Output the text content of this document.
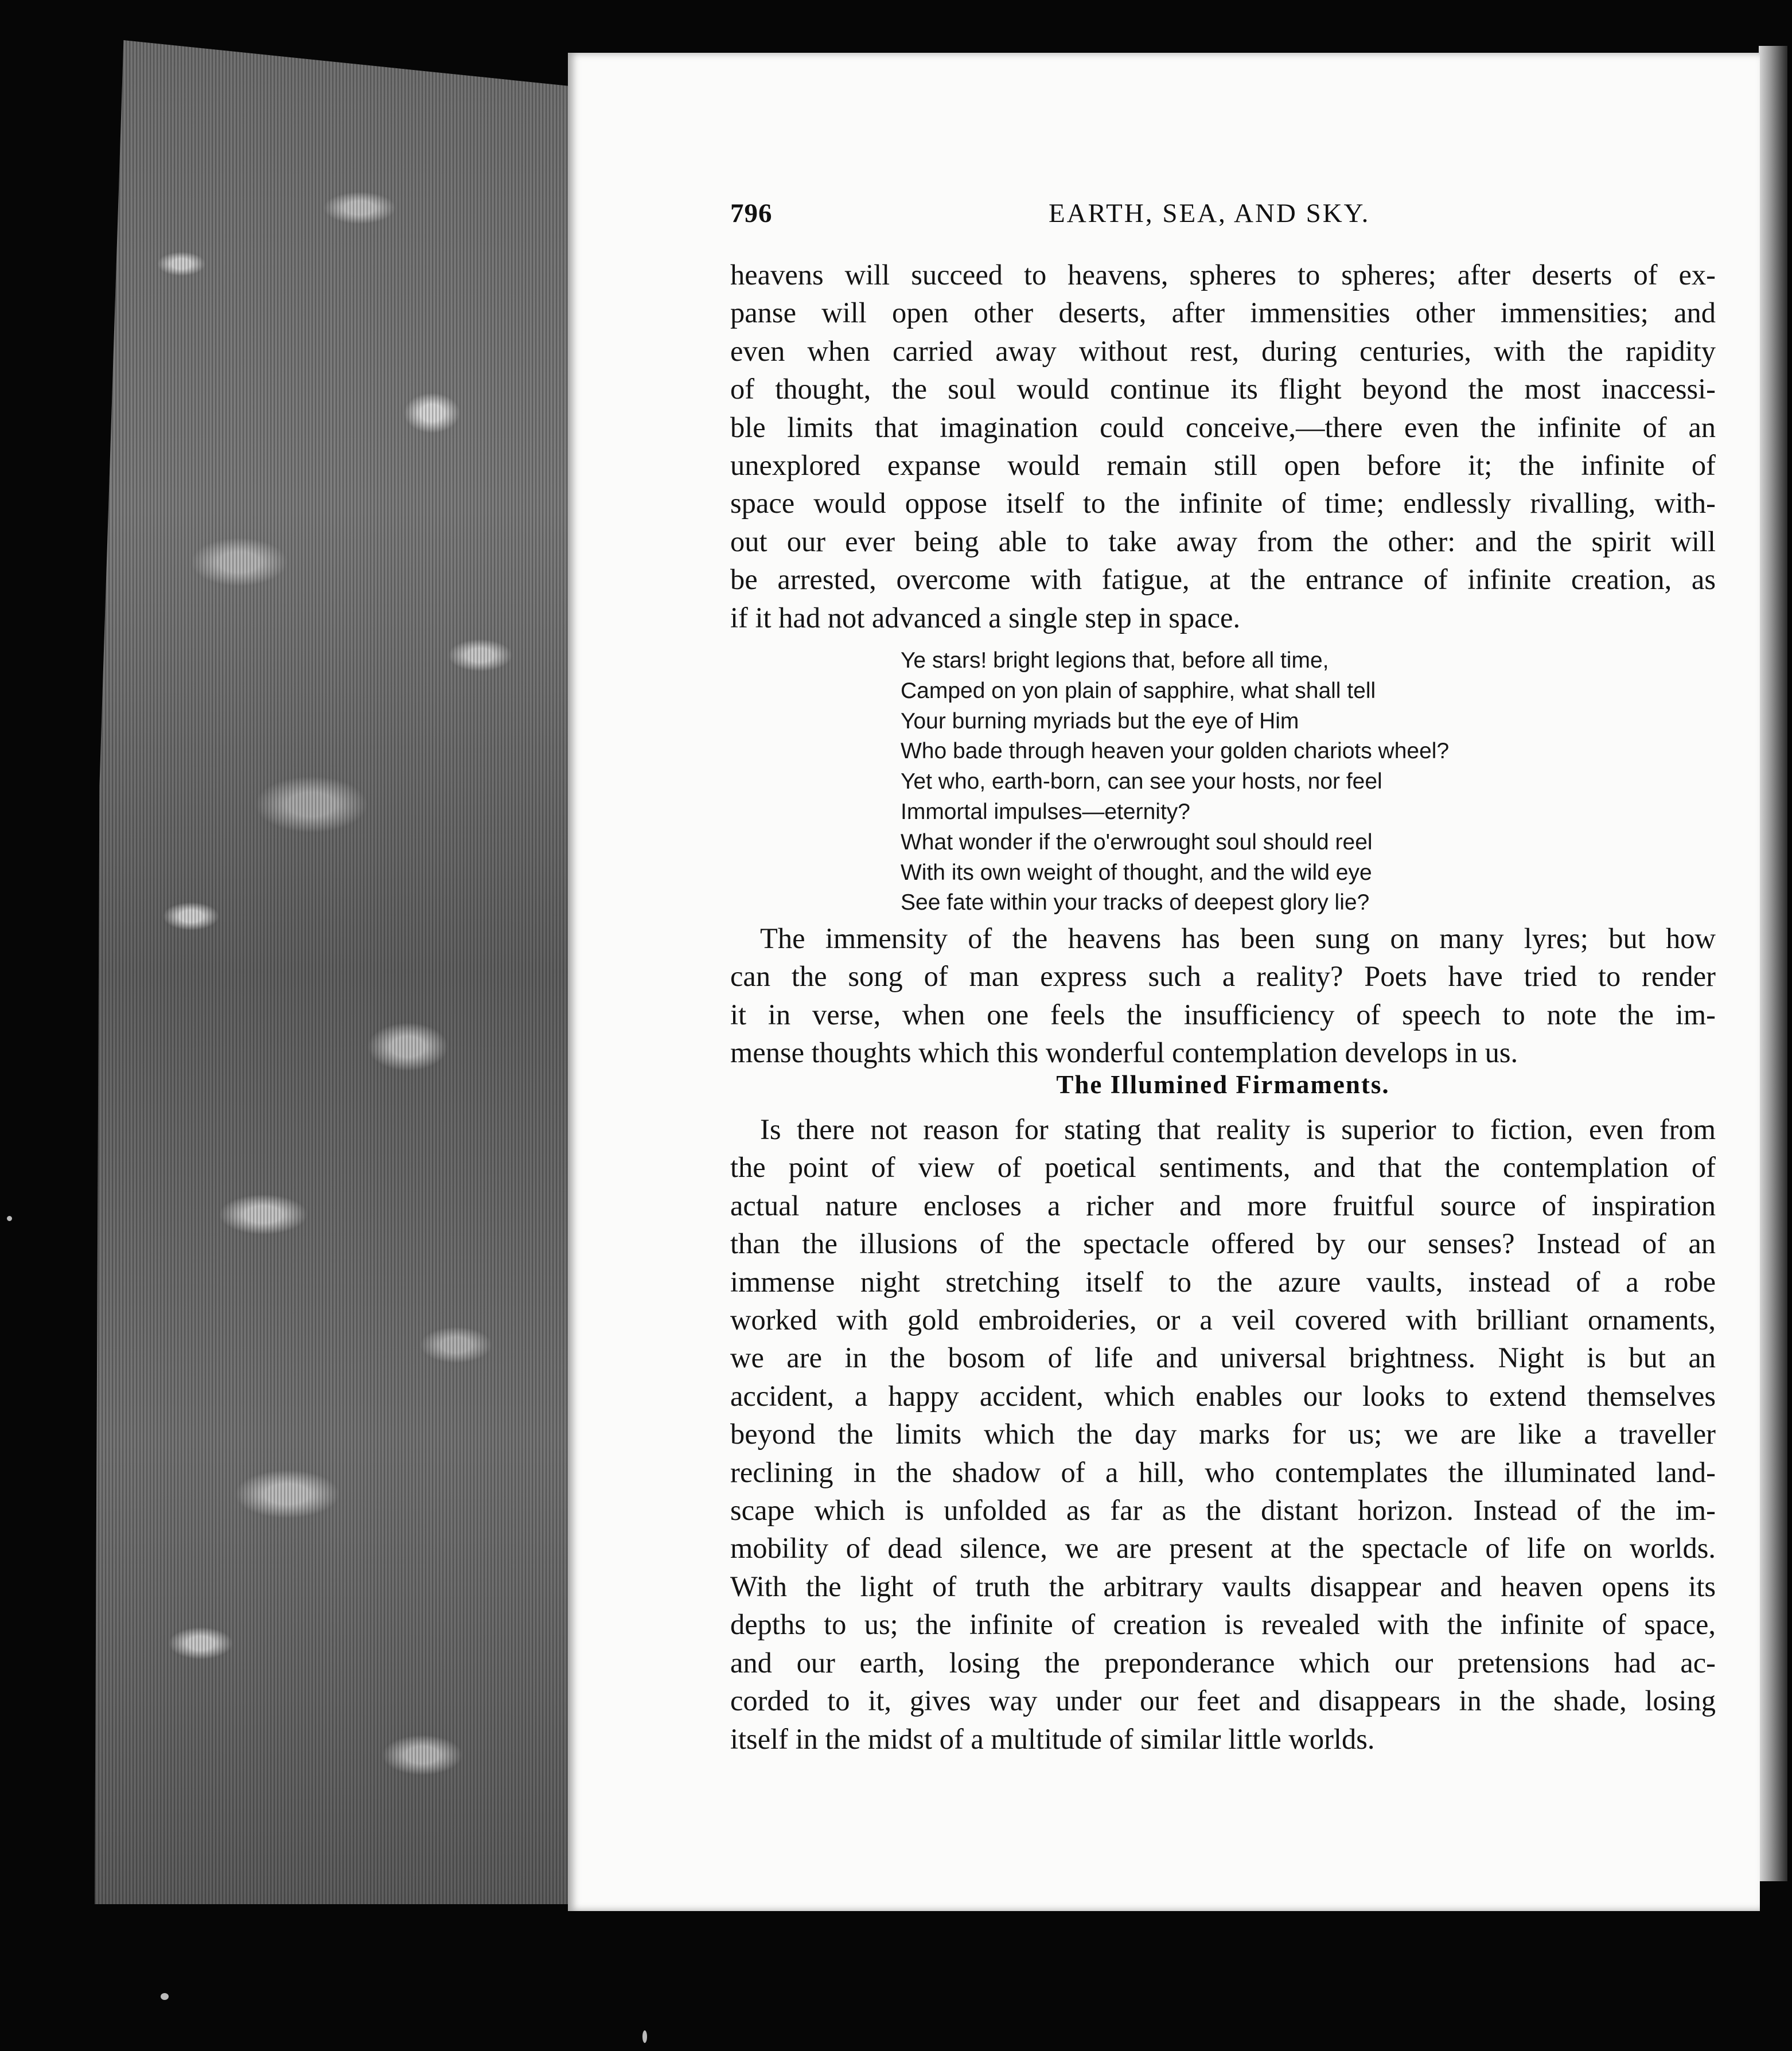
796	EARTH, SEA, AND SKY.
heavens will succeed to heavens, spheres to spheres; after deserts of ex-
panse will open other deserts, after immensities other immensities; and
even when carried away without rest, during centuries, with the rapidity
of thought, the soul would continue its flight beyond the most inaccessi-
ble limits that imagination could conceive,—there even the infinite of an
unexplored expanse would remain still open before it; the infinite of
space would oppose itself to the infinite of time; endlessly rivalling, with-
out our ever being able to take away from the other: and the spirit will
be arrested, overcome with fatigue, at the entrance of infinite creation, as
if it had not advanced a single step in space.
Ye stars! bright legions that, before all time,
Camped on yon plain of sapphire, what shall tell
Your burning myriads but the eye of Him
Who bade through heaven your golden chariots wheel?
Yet who, earth-born, can see your hosts, nor feel
Immortal impulses—eternity?
What wonder if the o'erwrought soul should reel
With its own weight of thought, and the wild eye
See fate within your tracks of deepest glory lie?
The immensity of the heavens has been sung on many lyres; but how
can the song of man express such a reality? Poets have tried to render
it in verse, when one feels the insufficiency of speech to note the im-
mense thoughts which this wonderful contemplation develops in us.
The Illumined Firmaments.
Is there not reason for stating that reality is superior to fiction, even from
the point of view of poetical sentiments, and that the contemplation of
actual nature encloses a richer and more fruitful source of inspiration
than the illusions of the spectacle offered by our senses? Instead of an
immense night stretching itself to the azure vaults, instead of a robe
worked with gold embroideries, or a veil covered with brilliant ornaments,
we are in the bosom of life and universal brightness. Night is but an
accident, a happy accident, which enables our looks to extend themselves
beyond the limits which the day marks for us; we are like a traveller
reclining in the shadow of a hill, who contemplates the illuminated land-
scape which is unfolded as far as the distant horizon. Instead of the im-
mobility of dead silence, we are present at the spectacle of life on worlds.
With the light of truth the arbitrary vaults disappear and heaven opens its
depths to us; the infinite of creation is revealed with the infinite of space,
and our earth, losing the preponderance which our pretensions had ac-
corded to it, gives way under our feet and disappears in the shade, losing
itself in the midst of a multitude of similar little worlds.
